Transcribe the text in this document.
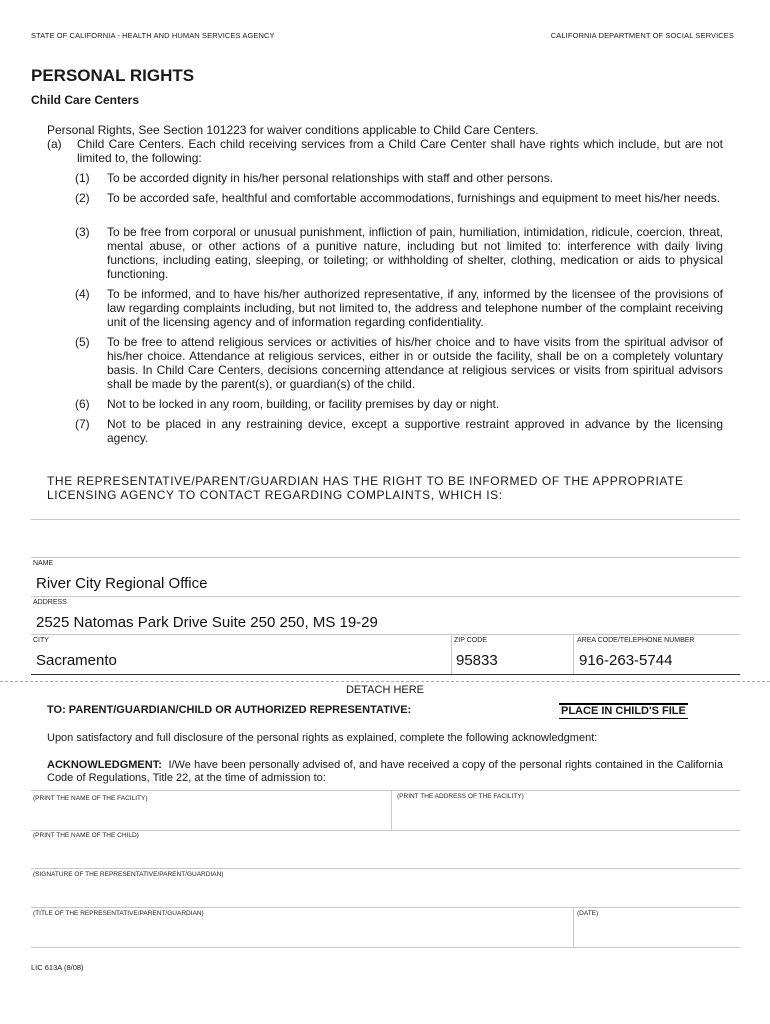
STATE OF CALIFORNIA - HEALTH AND HUMAN SERVICES AGENCY	CALIFORNIA DEPARTMENT OF SOCIAL SERVICES
PERSONAL RIGHTS
Child Care Centers
Personal Rights, See Section 101223 for waiver conditions applicable to Child Care Centers.
(a) Child Care Centers. Each child receiving services from a Child Care Center shall have rights which include, but are not limited to, the following:
(1) To be accorded dignity in his/her personal relationships with staff and other persons.
(2) To be accorded safe, healthful and comfortable accommodations, furnishings and equipment to meet his/her needs.
(3) To be free from corporal or unusual punishment, infliction of pain, humiliation, intimidation, ridicule, coercion, threat, mental abuse, or other actions of a punitive nature, including but not limited to: interference with daily living functions, including eating, sleeping, or toileting; or withholding of shelter, clothing, medication or aids to physical functioning.
(4) To be informed, and to have his/her authorized representative, if any, informed by the licensee of the provisions of law regarding complaints including, but not limited to, the address and telephone number of the complaint receiving unit of the licensing agency and of information regarding confidentiality.
(5) To be free to attend religious services or activities of his/her choice and to have visits from the spiritual advisor of his/her choice. Attendance at religious services, either in or outside the facility, shall be on a completely voluntary basis. In Child Care Centers, decisions concerning attendance at religious services or visits from spiritual advisors shall be made by the parent(s), or guardian(s) of the child.
(6) Not to be locked in any room, building, or facility premises by day or night.
(7) Not to be placed in any restraining device, except a supportive restraint approved in advance by the licensing agency.
THE REPRESENTATIVE/PARENT/GUARDIAN HAS THE RIGHT TO BE INFORMED OF THE APPROPRIATE LICENSING AGENCY TO CONTACT REGARDING COMPLAINTS, WHICH IS:
NAME
River City Regional Office
ADDRESS
2525 Natomas Park Drive Suite 250 250, MS 19-29
CITY
Sacramento
ZIP CODE
95833
AREA CODE/TELEPHONE NUMBER
916-263-5744
DETACH HERE
TO: PARENT/GUARDIAN/CHILD OR AUTHORIZED REPRESENTATIVE:	PLACE IN CHILD'S FILE
Upon satisfactory and full disclosure of the personal rights as explained, complete the following acknowledgment:
ACKNOWLEDGMENT: I/We have been personally advised of, and have received a copy of the personal rights contained in the California Code of Regulations, Title 22, at the time of admission to:
(PRINT THE NAME OF THE FACILITY)	(PRINT THE ADDRESS OF THE FACILITY)
(PRINT THE NAME OF THE CHILD)
(SIGNATURE OF THE REPRESENTATIVE/PARENT/GUARDIAN)
(TITLE OF THE REPRESENTATIVE/PARENT/GUARDIAN)	(DATE)
LIC 613A (8/08)
